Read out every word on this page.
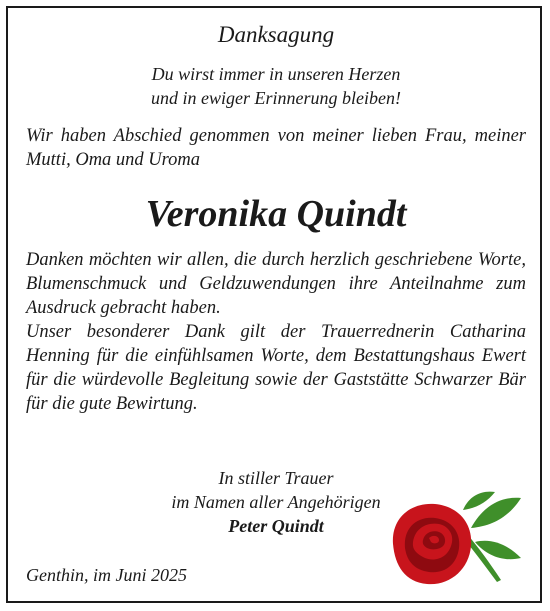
Danksagung

Du wirst immer in unseren Herzen

und in ewiger Erinnerung bleiben!

Wir haben Abschied genommen von meiner lieben Frau, meiner Mutti, Oma und Uroma

Veronika Quindt

Danken möchten wir allen, die durch herzlich geschriebene Worte, Blumenschmuck und Geldzuwendungen ihre Anteilnahme zum Ausdruck gebracht haben.

Unser besonderer Dank gilt der Trauerrednerin Catharina Henning für die einfühlsamen Worte, dem Bestattungshaus Ewert für die würdevolle Begleitung sowie der Gaststätte Schwarzer Bär für die gute Bewirtung.

In stiller Trauer
im Namen aller Angehörigen
Peter Quindt
Genthin, im Juni 2025
